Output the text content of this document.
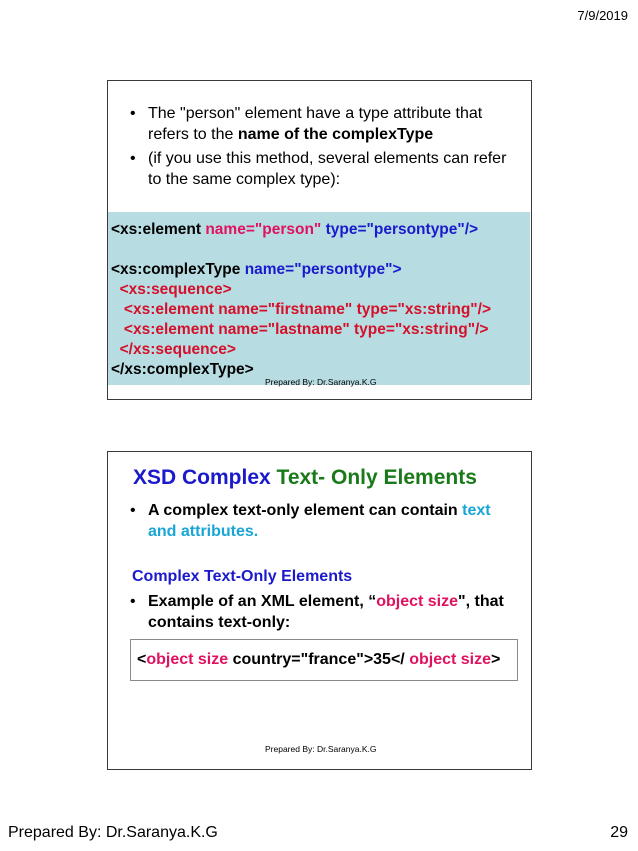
7/9/2019
• The "person" element have a type attribute that refers to the name of the complexType
• (if you use this method, several elements can refer to the same complex type):
<xs:element name="person" type="persontype"/>
<xs:complexType name="persontype">
<xs:sequence>
<xs:element name="firstname" type="xs:string"/>
<xs:element name="lastname" type="xs:string"/>
</xs:sequence>
</xs:complexType>
Prepared By: Dr.Saranya.K.G
XSD Complex Text- Only Elements
• A complex text-only element can contain text and attributes.
Complex Text-Only Elements
• Example of an XML element, “object size", that contains text-only:
<object size country="france">35</ object size>
Prepared By: Dr.Saranya.K.G
Prepared By: Dr.Saranya.K.G	29
